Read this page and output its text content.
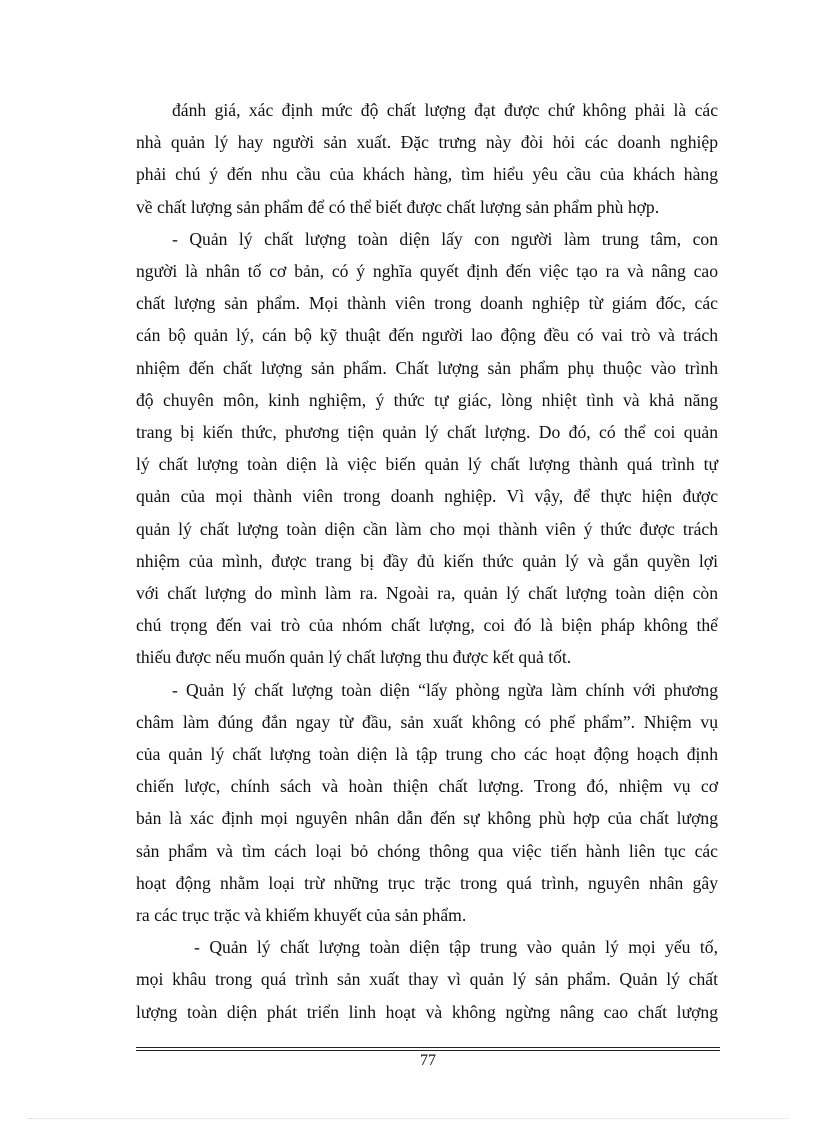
đánh giá, xác định mức độ chất lượng đạt được chứ không phải là các
nhà quản lý hay người sản xuất. Đặc trưng này đòi hỏi các doanh nghiệp
phải chú ý đến nhu cầu của khách hàng, tìm hiểu yêu cầu của khách hàng
về chất lượng sản phẩm để có thể biết được chất lượng sản phẩm phù hợp.

- Quản lý chất lượng toàn diện lấy con người làm trung tâm, con
người là nhân tố cơ bản, có ý nghĩa quyết định đến việc tạo ra và nâng cao
chất lượng sản phẩm. Mọi thành viên trong doanh nghiệp từ giám đốc, các
cán bộ quản lý, cán bộ kỹ thuật đến người lao động đều có vai trò và trách
nhiệm đến chất lượng sản phẩm. Chất lượng sản phẩm phụ thuộc vào trình
độ chuyên môn, kinh nghiệm, ý thức tự giác, lòng nhiệt tình và khả năng
trang bị kiến thức, phương tiện quản lý chất lượng. Do đó, có thể coi quản
lý chất lượng toàn diện là việc biến quản lý chất lượng thành quá trình tự
quản của mọi thành viên trong doanh nghiệp. Vì vậy, để thực hiện được
quản lý chất lượng toàn diện cần làm cho mọi thành viên ý thức được trách
nhiệm của mình, được trang bị đầy đủ kiến thức quản lý và gắn quyền lợi
với chất lượng do mình làm ra. Ngoài ra, quản lý chất lượng toàn diện còn
chú trọng đến vai trò của nhóm chất lượng, coi đó là biện pháp không thể
thiếu được nếu muốn quản lý chất lượng thu được kết quả tốt.

- Quản lý chất lượng toàn diện “lấy phòng ngừa làm chính với phương
châm làm đúng đắn ngay từ đầu, sản xuất không có phế phẩm”. Nhiệm vụ
của quản lý chất lượng toàn diện là tập trung cho các hoạt động hoạch định
chiến lược, chính sách và hoàn thiện chất lượng. Trong đó, nhiệm vụ cơ
bản là xác định mọi nguyên nhân dẫn đến sự không phù hợp của chất lượng
sản phẩm và tìm cách loại bỏ chóng thông qua việc tiến hành liên tục các
hoạt động nhằm loại trừ những trục trặc trong quá trình, nguyên nhân gây
ra các trục trặc và khiếm khuyết của sản phẩm.

- Quản lý chất lượng toàn diện tập trung vào quản lý mọi yếu tố,
mọi khâu trong quá trình sản xuất thay vì quản lý sản phẩm. Quản lý chất
lượng toàn diện phát triển linh hoạt và không ngừng nâng cao chất lượng

77
